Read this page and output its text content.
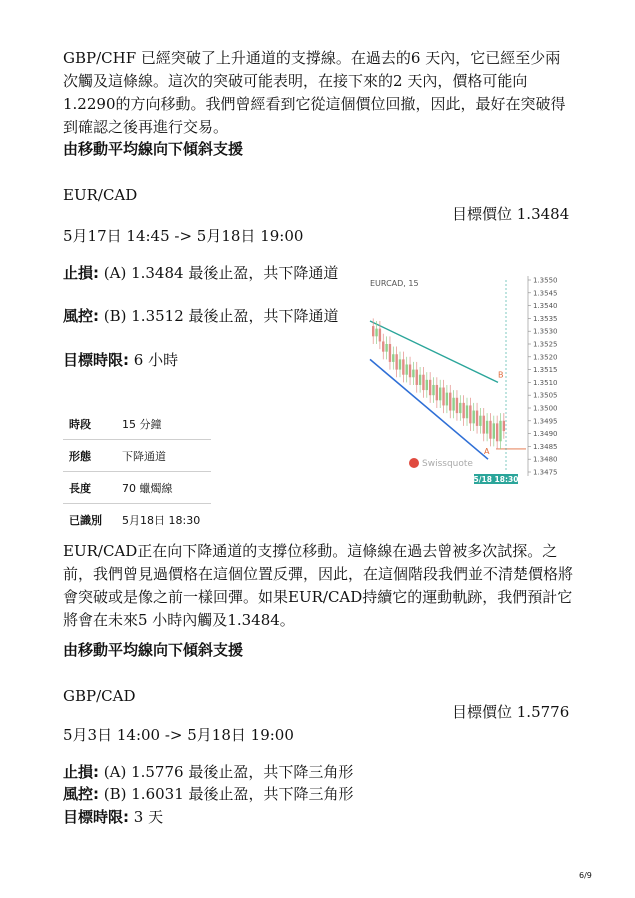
GBP/CHF 已經突破了上升通道的支撐線。在過去的6 天內，它已經至少兩次觸及這條線。這次的突破可能表明，在接下來的2 天內，價格可能向1.2290的方向移動。我們曾經看到它從這個價位回撤，因此，最好在突破得到確認之後再進行交易。
由移動平均線向下傾斜支援
EUR/CAD
目標價位 1.3484
5月17日 14:45 -> 5月18日 19:00
止損: (A) 1.3484 最後止盈，共下降通道
風控: (B) 1.3512 最後止盈，共下降通道
目標時限: 6 小時
時段	15 分鐘
形態	下降通道
長度	70 蠟燭線
已識別	5月18日 18:30
EURCAD, 15	1.3550
1.3545
1.3540
1.3535
1.3530
1.3525
1.3520
1.3515
1.3510
1.3505
1.3500
1.3495
1.3490
1.3485
1.3480
1.3475
A
B
Swissquote
5/18 18:30
EUR/CAD正在向下降通道的支撐位移動。這條線在過去曾被多次試探。之前，我們曾見過價格在這個位置反彈，因此，在這個階段我們並不清楚價格將會突破或是像之前一樣回彈。如果EUR/CAD持續它的運動軌跡，我們預計它將會在未來5 小時內觸及1.3484。
由移動平均線向下傾斜支援
GBP/CAD
目標價位 1.5776
5月3日 14:00 -> 5月18日 19:00
止損: (A) 1.5776 最後止盈，共下降三角形
風控: (B) 1.6031 最後止盈，共下降三角形
目標時限: 3 天
6/9
